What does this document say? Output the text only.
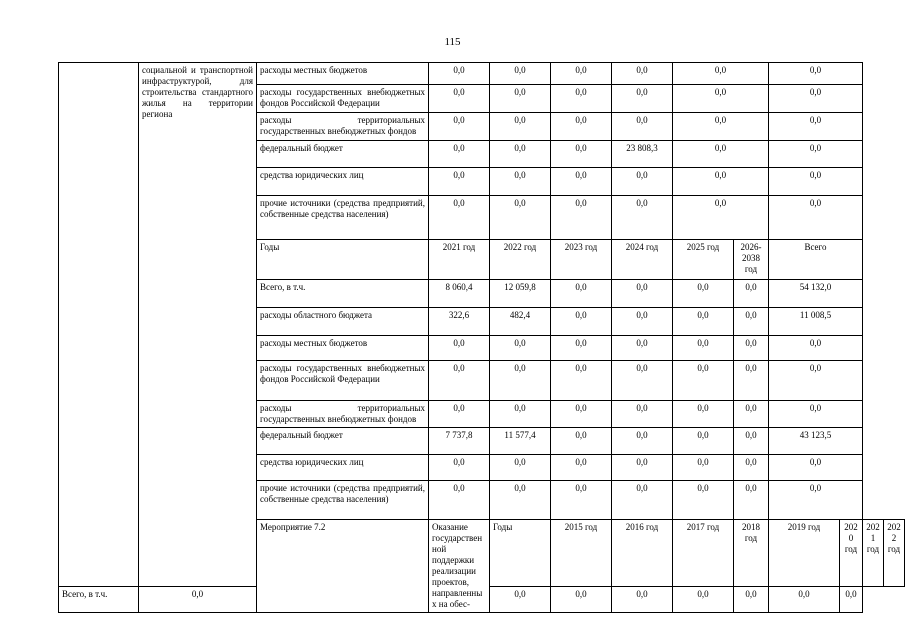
115
	социальной и транспортной инфраструктурой, для строительства стандартного жилья на территории региона	расходы местных бюджетов	0,0	0,0	0,0	0,0	0,0		0,0			
		расходы государственных внебюджетных фондов Российской Федерации	0,0	0,0	0,0	0,0	0,0		0,0			
		расходы территориальных государственных внебюджетных фондов	0,0	0,0	0,0	0,0	0,0		0,0			
		федеральный бюджет	0,0	0,0	0,0	23 808,3	0,0		0,0			
		средства юридических лиц	0,0	0,0	0,0	0,0	0,0		0,0			
		прочие источники (средства предприятий, собственные средства населения)	0,0	0,0	0,0	0,0	0,0		0,0			
		Годы	2021 год	2022 год	2023 год	2024 год	2025 год	2026-2038 год	Всего			
		Всего, в т.ч.	8 060,4	12 059,8	0,0	0,0	0,0	0,0	54 132,0			
		расходы областного бюджета	322,6	482,4	0,0	0,0	0,0	0,0	11 008,5			
		расходы местных бюджетов	0,0	0,0	0,0	0,0	0,0	0,0	0,0			
		расходы государственных внебюджетных фондов Российской Федерации	0,0	0,0	0,0	0,0	0,0	0,0	0,0			
		расходы территориальных государственных внебюджетных фондов	0,0	0,0	0,0	0,0	0,0	0,0	0,0			
		федеральный бюджет	7 737,8	11 577,4	0,0	0,0	0,0	0,0	43 123,5			
		средства юридических лиц	0,0	0,0	0,0	0,0	0,0	0,0	0,0			
		прочие источники (средства предприятий, собственные средства населения)	0,0	0,0	0,0	0,0	0,0	0,0	0,0			
		Мероприятие 7.2	Оказание государственной поддержки реализации проектов, направленных на обес-	Годы	2015 год	2016 год	2017 год	2018 год	2019 год	2020 год	2021 год	2022 год
Всего, в т.ч.	0,0			0,0	0,0	0,0	0,0	0,0	0,0	0,0		
